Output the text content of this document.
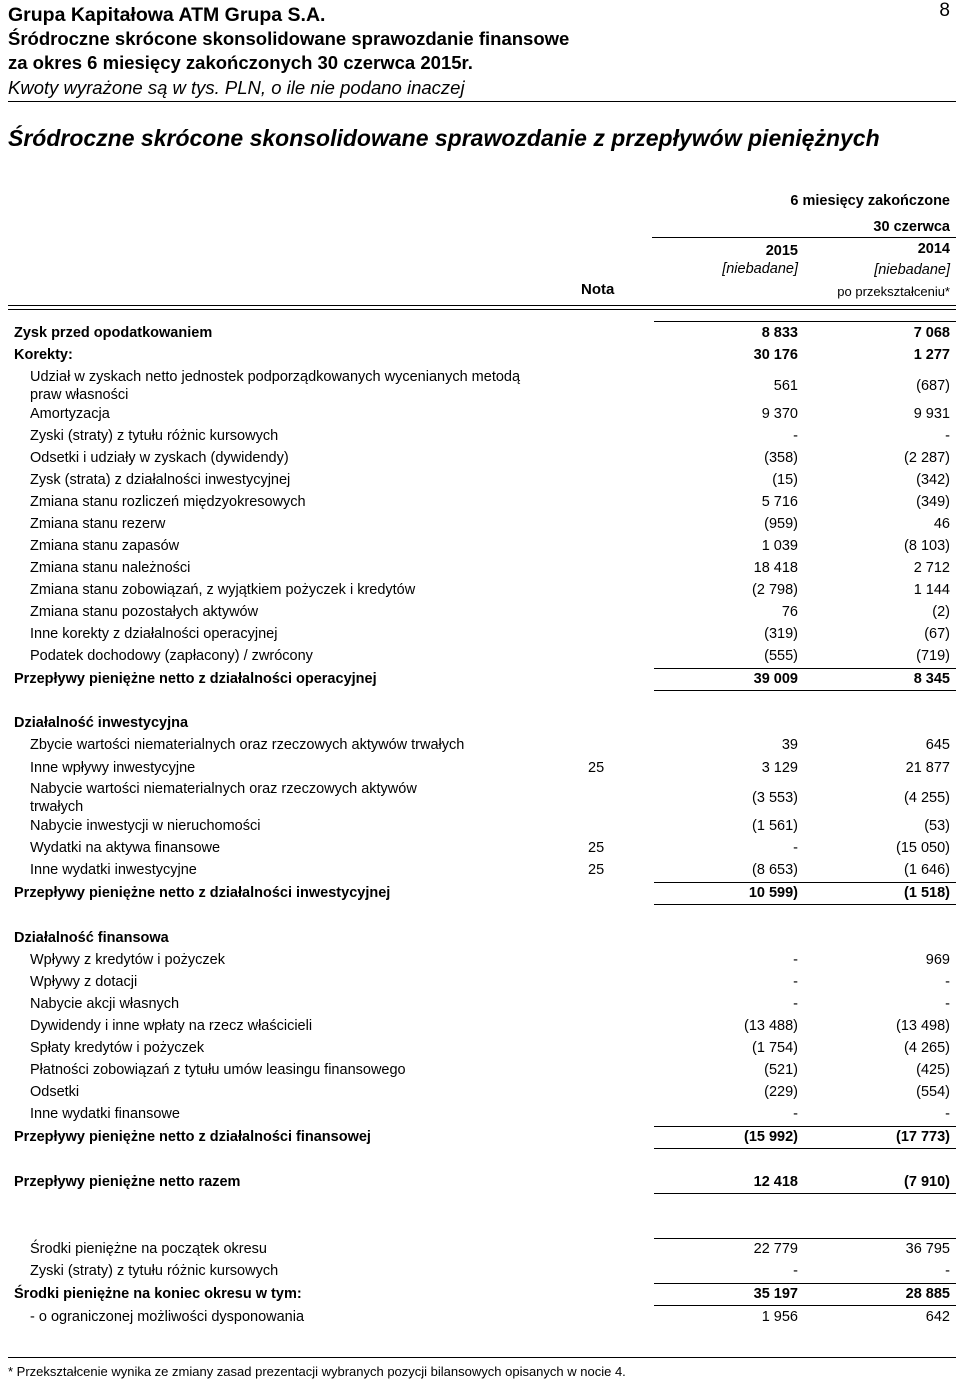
Grupa Kapitałowa ATM Grupa S.A.
Śródroczne skrócone skonsolidowane sprawozdanie finansowe
za okres 6 miesięcy zakończonych 30 czerwca 2015r.
Kwoty wyrażone są w tys. PLN, o ile nie podano inaczej
8
Śródroczne skrócone skonsolidowane sprawozdanie z przepływów pieniężnych
6 miesięcy zakończone
30 czerwca
2015
[niebadane]
2014
[niebadane]
Nota	po przekształceniu*
Zysk przed opodatkowaniem	8 833	7 068
Korekty:	30 176	1 277
Udział w zyskach netto jednostek podporządkowanych wycenianych metodą praw własności
561	(687)
Amortyzacja	9 370	9 931
Zyski (straty) z tytułu różnic kursowych	-	-
Odsetki i udziały w zyskach (dywidendy)	(358)	(2 287)
Zysk (strata) z działalności inwestycyjnej	(15)	(342)
Zmiana stanu rozliczeń międzyokresowych	5 716	(349)
Zmiana stanu rezerw	(959)	46
Zmiana stanu zapasów	1 039	(8 103)
Zmiana stanu należności	18 418	2 712
Zmiana stanu zobowiązań, z wyjątkiem pożyczek i kredytów	(2 798)	1 144
Zmiana stanu pozostałych aktywów	76	(2)
Inne korekty z działalności operacyjnej	(319)	(67)
Podatek dochodowy (zapłacony) / zwrócony	(555)	(719)
Przepływy pieniężne netto z działalności operacyjnej	39 009	8 345
Działalność inwestycyjna
Zbycie wartości niematerialnych oraz rzeczowych aktywów trwałych	39	645
Inne wpływy inwestycyjne	25	3 129	21 877
Nabycie wartości niematerialnych oraz rzeczowych aktywów trwałych
(3 553)	(4 255)
Nabycie inwestycji w nieruchomości	(1 561)	(53)
Wydatki na aktywa finansowe	25	-	(15 050)
Inne wydatki inwestycyjne	25	(8 653)	(1 646)
Przepływy pieniężne netto z działalności inwestycyjnej	10 599)	(1 518)
Działalność finansowa
Wpływy z kredytów i pożyczek	-	969
Wpływy z dotacji	-	-
Nabycie akcji własnych	-	-
Dywidendy i inne wpłaty na rzecz właścicieli	(13 488)	(13 498)
Spłaty kredytów i pożyczek	(1 754)	(4 265)
Płatności zobowiązań z tytułu umów leasingu finansowego	(521)	(425)
Odsetki	(229)	(554)
Inne wydatki finansowe	-	-
Przepływy pieniężne netto z działalności finansowej	(15 992)	(17 773)
Przepływy pieniężne netto razem	12 418	(7 910)
Środki pieniężne na początek okresu	22 779	36 795
Zyski (straty) z tytułu różnic kursowych	-	-
Środki pieniężne na koniec okresu w tym:	35 197	28 885
- o ograniczonej możliwości dysponowania	1 956	642
* Przekształcenie wynika ze zmiany zasad prezentacji wybranych pozycji bilansowych opisanych w nocie 4.
